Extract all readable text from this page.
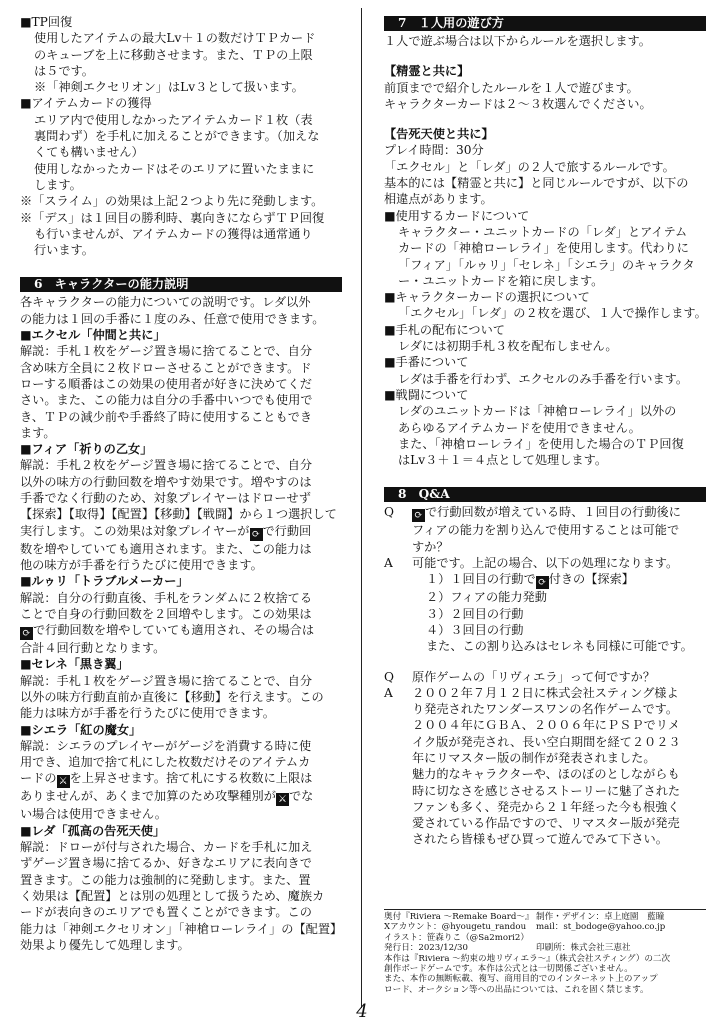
■TP回復
使用したアイテムの最大Lv＋１の数だけＴＰカード
のキューブを上に移動させます。また、ＴＰの上限
は５です。
※「神剣エクセリオン」はLv３として扱います。
■アイテムカードの獲得
エリア内で使用しなかったアイテムカード１枚（表
裏問わず）を手札に加えることができます。（加えな
くても構いません）
使用しなかったカードはそのエリアに置いたままに
します。
※「スライム」の効果は上記２つより先に発動します。
※「デス」は１回目の勝利時、裏向きにならずＴＰ回復
も行いませんが、アイテムカードの獲得は通常通り
行います。
6　キャラクターの能力説明
各キャラクターの能力についての説明です。レダ以外
の能力は１回の手番に１度のみ、任意で使用できます。
■エクセル「仲間と共に」
解説：手札１枚をゲージ置き場に捨てることで、自分
含め味方全員に２枚ドローさせることができます。ド
ローする順番はこの効果の使用者が好きに決めてくだ
さい。また、この能力は自分の手番中いつでも使用で
き、ＴＰの減少前や手番終了時に使用することもでき
ます。
■フィア「祈りの乙女」
解説：手札２枚をゲージ置き場に捨てることで、自分
以外の味方の行動回数を増やす効果です。増やすのは
手番でなく行動のため、対象プレイヤーはドローせず
【探索】【取得】【配置】【移動】【戦闘】から１つ選択して
実行します。この効果は対象プレイヤーが ⟳ で行動回
数を増やしていても適用されます。また、この能力は
他の味方が手番を行うたびに使用できます。
■ルゥリ「トラブルメーカー」
解説：自分の行動直後、手札をランダムに２枚捨てる
ことで自身の行動回数を２回増やします。この効果は
⟳ で行動回数を増やしていても適用され、その場合は
合計４回行動となります。
■セレネ「黒き翼」
解説：手札１枚をゲージ置き場に捨てることで、自分
以外の味方行動直前か直後に【移動】を行えます。この
能力は味方が手番を行うたびに使用できます。
■シエラ「紅の魔女」
解説：シエラのプレイヤーがゲージを消費する時に使
用でき、追加で捨て札にした枚数だけそのアイテムカ
ードの ⚔ を上昇させます。捨て札にする枚数に上限は
ありませんが、あくまで加算のため攻撃種別が ⚔ でな
い場合は使用できません。
■レダ「孤高の告死天使」
解説：ドローが付与された場合、カードを手札に加え
ずゲージ置き場に捨てるか、好きなエリアに表向きで
置きます。この能力は強制的に発動します。また、置
く効果は【配置】とは別の処理として扱うため、魔族カ
ードが表向きのエリアでも置くことができます。この
能力は「神剣エクセリオン」「神槍ローレライ」の【配置】
効果より優先して処理します。
7　１人用の遊び方
１人で遊ぶ場合は以下からルールを選択します。
【精霊と共に】
前頂までで紹介したルールを１人で遊びます。
キャラクターカードは２～３枚選んでください。
【告死天使と共に】
プレイ時間：30分
「エクセル」と「レダ」の２人で旅するルールです。
基本的には【精霊と共に】と同じルールですが、以下の
相違点があります。
■使用するカードについて
キャラクター・ユニットカードの「レダ」とアイテム
カードの「神槍ローレライ」を使用します。代わりに
「フィア」「ルゥリ」「セレネ」「シエラ」のキャラクタ
ー・ユニットカードを箱に戻します。
■キャラクターカードの選択について
「エクセル」「レダ」の２枚を選び、１人で操作します。
■手札の配布について
レダには初期手札３枚を配布しません。
■手番について
レダは手番を行わず、エクセルのみ手番を行います。
■戦闘について
レダのユニットカードは「神槍ローレライ」以外の
あらゆるアイテムカードを使用できません。
また、「神槍ローレライ」を使用した場合のＴＰ回復
はLv３＋１＝４点として処理します。
8　Q&A
Q	⟳ で行動回数が増えている時、１回目の行動後に
フィアの能力を割り込んで使用することは可能で
すか？
A	可能です。上記の場合、以下の処理になります。
１）１回目の行動で ⟳ 付きの【探索】
２）フィアの能力発動
３）２回目の行動
４）３回目の行動
また、この割り込みはセレネも同様に可能です。
Q	原作ゲームの「リヴィエラ」って何ですか？
A	２００２年７月１２日に株式会社スティング様よ
り発売されたワンダースワンの名作ゲームです。
２００４年にＧＢＡ、２００６年にＰＳＰでリメ
イク版が発売され、長い空白期間を経て２０２３
年にリマスター版の制作が発表されました。
魅力的なキャラクターや、ほのぼのとしながらも
時に切なさを感じさせるストーリーに魅了された
ファンも多く、発売から２１年経った今も根強く
愛されている作品ですので、リマスター版が発売
されたら皆様もぜひ買って遊んでみて下さい。
奥付『Riviera ～Remake Board～』 制作・デザイン：卓上庭園　藍瞳
Xアカウント：@hyougetu_randou	mail：st_bodoge@yahoo.co.jp
イラスト：笹森りこ（@Sa2mori2）
発行日：2023/12/30	印刷所：株式会社三恵社
本作は『Riviera ～約束の地リヴィエラ～』（株式会社スティング）の二次
創作ボードゲームです。本作は公式とは一切関係ございません。
また、本作の無断転載、複写、商用目的でのインターネット上のアップ
ロード、オークション等への出品については、これを固く禁じます。
4
